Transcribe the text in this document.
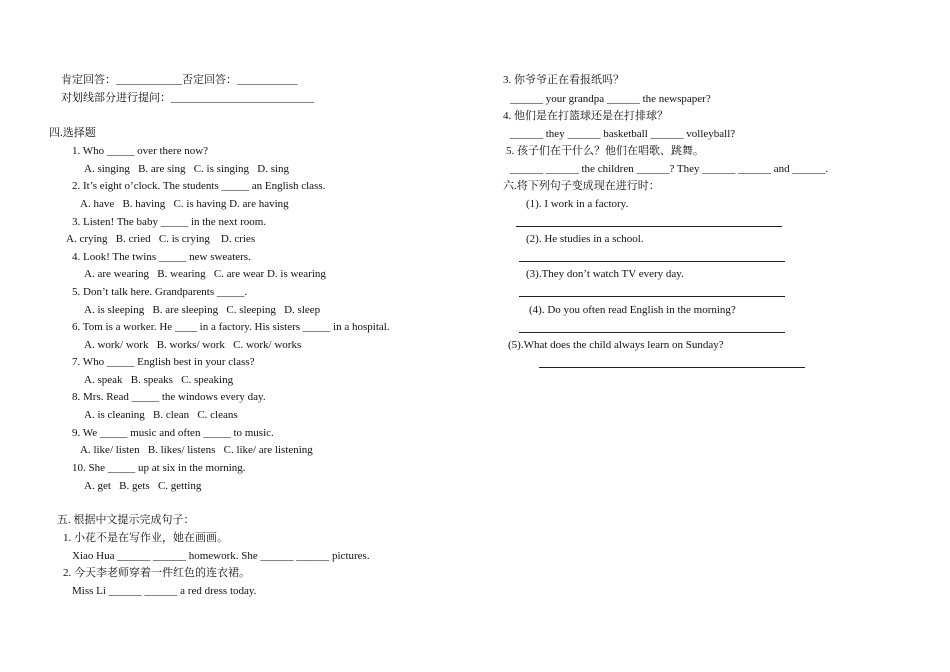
肯定回答：____________否定回答：___________
对划线部分进行提问：__________________________
四.选择题
1. Who _____ over there now?
A. singing   B. are sing   C. is singing   D. sing
2. It’s eight o’clock. The students _____ an English class.
A. have   B. having   C. is having D. are having
3. Listen! The baby _____ in the next room.
A. crying   B. cried   C. is crying    D. cries
4. Look! The twins _____ new sweaters.
A. are wearing   B. wearing   C. are wear D. is wearing
5. Don’t talk here. Grandparents _____.
A. is sleeping   B. are sleeping   C. sleeping   D. sleep
6. Tom is a worker. He ____ in a factory. His sisters _____ in a hospital.
A. work/ work   B. works/ work   C. work/ works
7. Who _____ English best in your class?
A. speak   B. speaks   C. speaking
8. Mrs. Read _____ the windows every day.
A. is cleaning   B. clean   C. cleans
9. We _____ music and often _____ to music.
A. like/ listen   B. likes/ listens   C. like/ are listening
10. She _____ up at six in the morning.
A. get   B. gets   C. getting
五. 根据中文提示完成句子：
1. 小花不是在写作业，她在画画。
Xiao Hua ______ ______ homework. She ______ ______ pictures.
2. 今天李老师穿着一件红色的连衣裙。
Miss Li ______ ______ a red dress today.
3. 你爷爷正在看报纸吗？
______ your grandpa ______ the newspaper?
4. 他们是在打篮球还是在打排球？
______ they ______ basketball ______ volleyball?
5. 孩子们在干什么？他们在唱歌、跳舞。
______ ______ the children ______? They ______ ______ and ______.
六.将下列句子变成现在进行时：
(1). I work in a factory.
(2). He studies in a school.
(3).They don’t watch TV every day.
(4). Do you often read English in the morning?
(5).What does the child always learn on Sunday?
